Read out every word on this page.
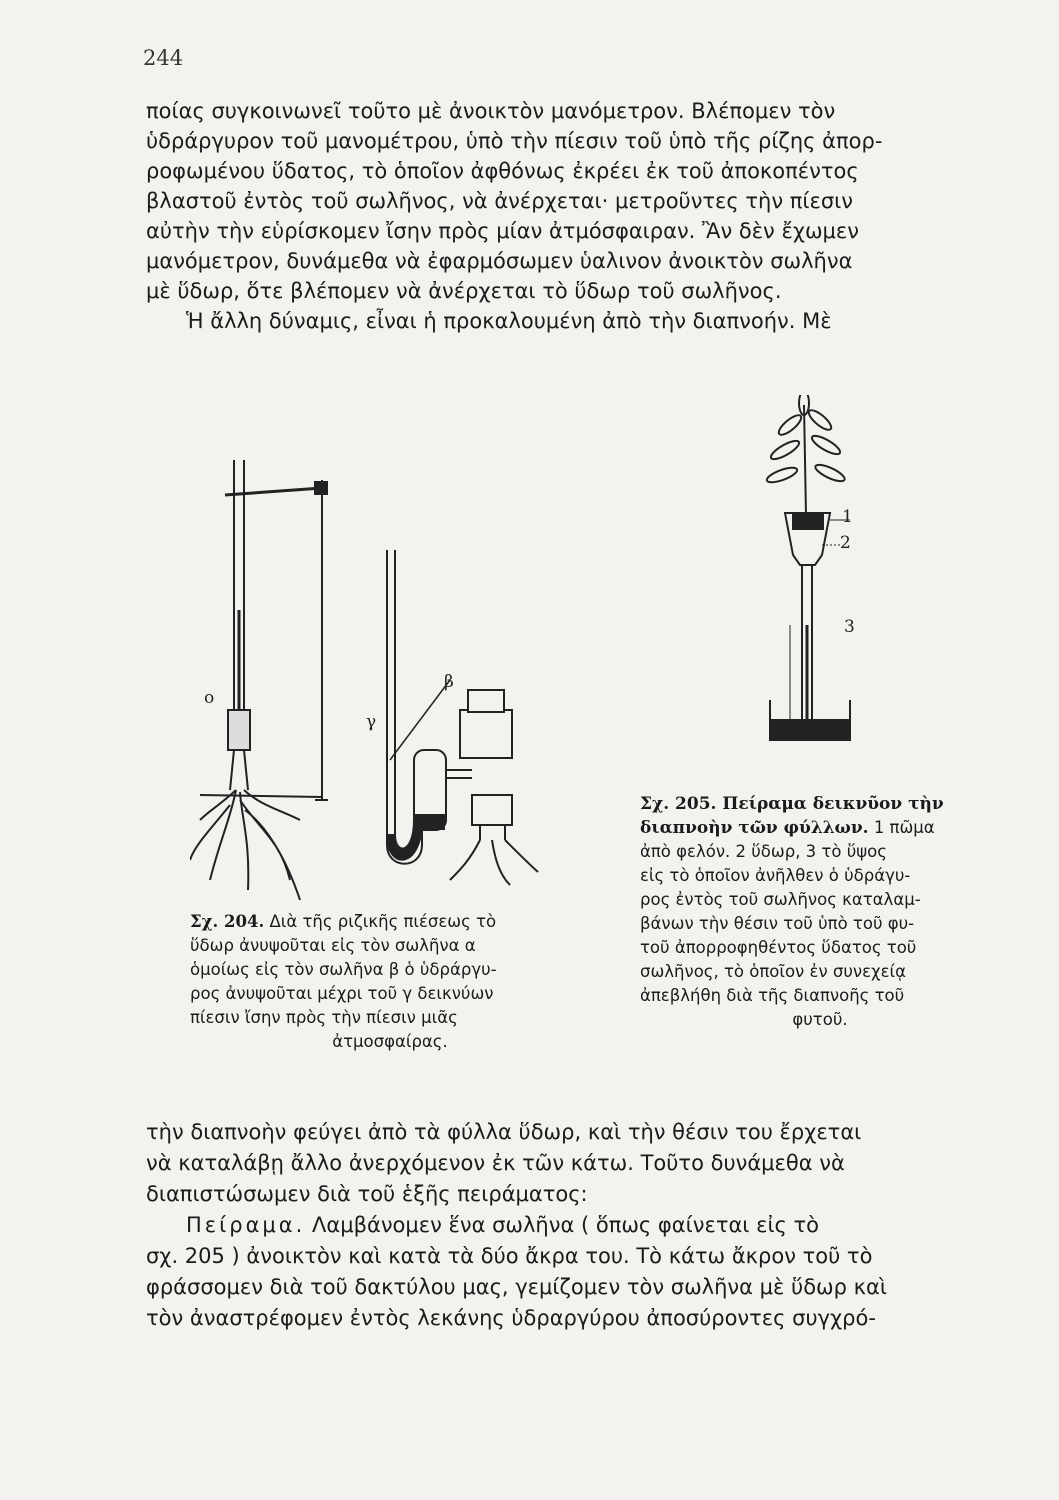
244

ποίας συγκοινωνεῖ τοῦτο μὲ ἀνοικτὸν μανόμετρον. Βλέπομεν τὸν
ὑδράργυρον τοῦ μανομέτρου, ὑπὸ τὴν πίεσιν τοῦ ὑπὸ τῆς ρίζης ἀπορ-
ροφωμένου ὕδατος, τὸ ὁποῖον ἀφθόνως ἐκρέει ἐκ τοῦ ἀποκοπέντος
βλαστοῦ ἐντὸς τοῦ σωλῆνος, νὰ ἀνέρχεται· μετροῦντες τὴν πίεσιν
αὐτὴν τὴν εὑρίσκομεν ἴσην πρὸς μίαν ἀτμόσφαιραν. Ἂν δὲν ἔχωμεν
μανόμετρον, δυνάμεθα νὰ ἐφαρμόσωμεν ὑαλινον ἀνοικτὸν σωλῆνα
μὲ ὕδωρ, ὅτε βλέπομεν νὰ ἀνέρχεται τὸ ὕδωρ τοῦ σωλῆνος.
Ἡ ἄλλη δύναμις, εἶναι ἡ προκαλουμένη ἀπὸ τὴν διαπνοήν. Μὲ

o
β
γ
1
2
3
Σχ. 205. Πείραμα δεικνῦον τὴν
διαπνοὴν τῶν φύλλων. 1 πῶμα
ἀπὸ φελόν. 2 ὕδωρ, 3 τὸ ὕψος
εἰς τὸ ὁποῖον ἀνῆλθεν ὁ ὑδράγυ-
ρος ἐντὸς τοῦ σωλῆνος καταλαμ-
βάνων τὴν θέσιν τοῦ ὑπὸ τοῦ φυ-
τοῦ ἀπορροφηθέντος ὕδατος τοῦ
σωλῆνος, τὸ ὁποῖον ἐν συνεχείᾳ
ἀπεβλήθη διὰ τῆς διαπνοῆς τοῦ
φυτοῦ.
Σχ. 204. Διὰ τῆς ριζικῆς πιέσεως τὸ
ὕδωρ ἀνυψοῦται εἰς τὸν σωλῆνα α
ὁμοίως εἰς τὸν σωλῆνα β ὁ ὑδράργυ-
ρος ἀνυψοῦται μέχρι τοῦ γ δεικνύων
πίεσιν ἴσην πρὸς τὴν πίεσιν μιᾶς
ἀτμοσφαίρας.

τὴν διαπνοὴν φεύγει ἀπὸ τὰ φύλλα ὕδωρ, καὶ τὴν θέσιν του ἔρχεται
νὰ καταλάβῃ ἄλλο ἀνερχόμενον ἐκ τῶν κάτω. Τοῦτο δυνάμεθα νὰ
διαπιστώσωμεν διὰ τοῦ ἑξῆς πειράματος:
Πείραμα. Λαμβάνομεν ἕνα σωλῆνα ( ὅπως φαίνεται εἰς τὸ
σχ. 205 ) ἀνοικτὸν καὶ κατὰ τὰ δύο ἄκρα του. Τὸ κάτω ἄκρον τοῦ τὸ
φράσσομεν διὰ τοῦ δακτύλου μας, γεμίζομεν τὸν σωλῆνα μὲ ὕδωρ καὶ
τὸν ἀναστρέφομεν ἐντὸς λεκάνης ὑδραργύρου ἀποσύροντες συγχρό-
